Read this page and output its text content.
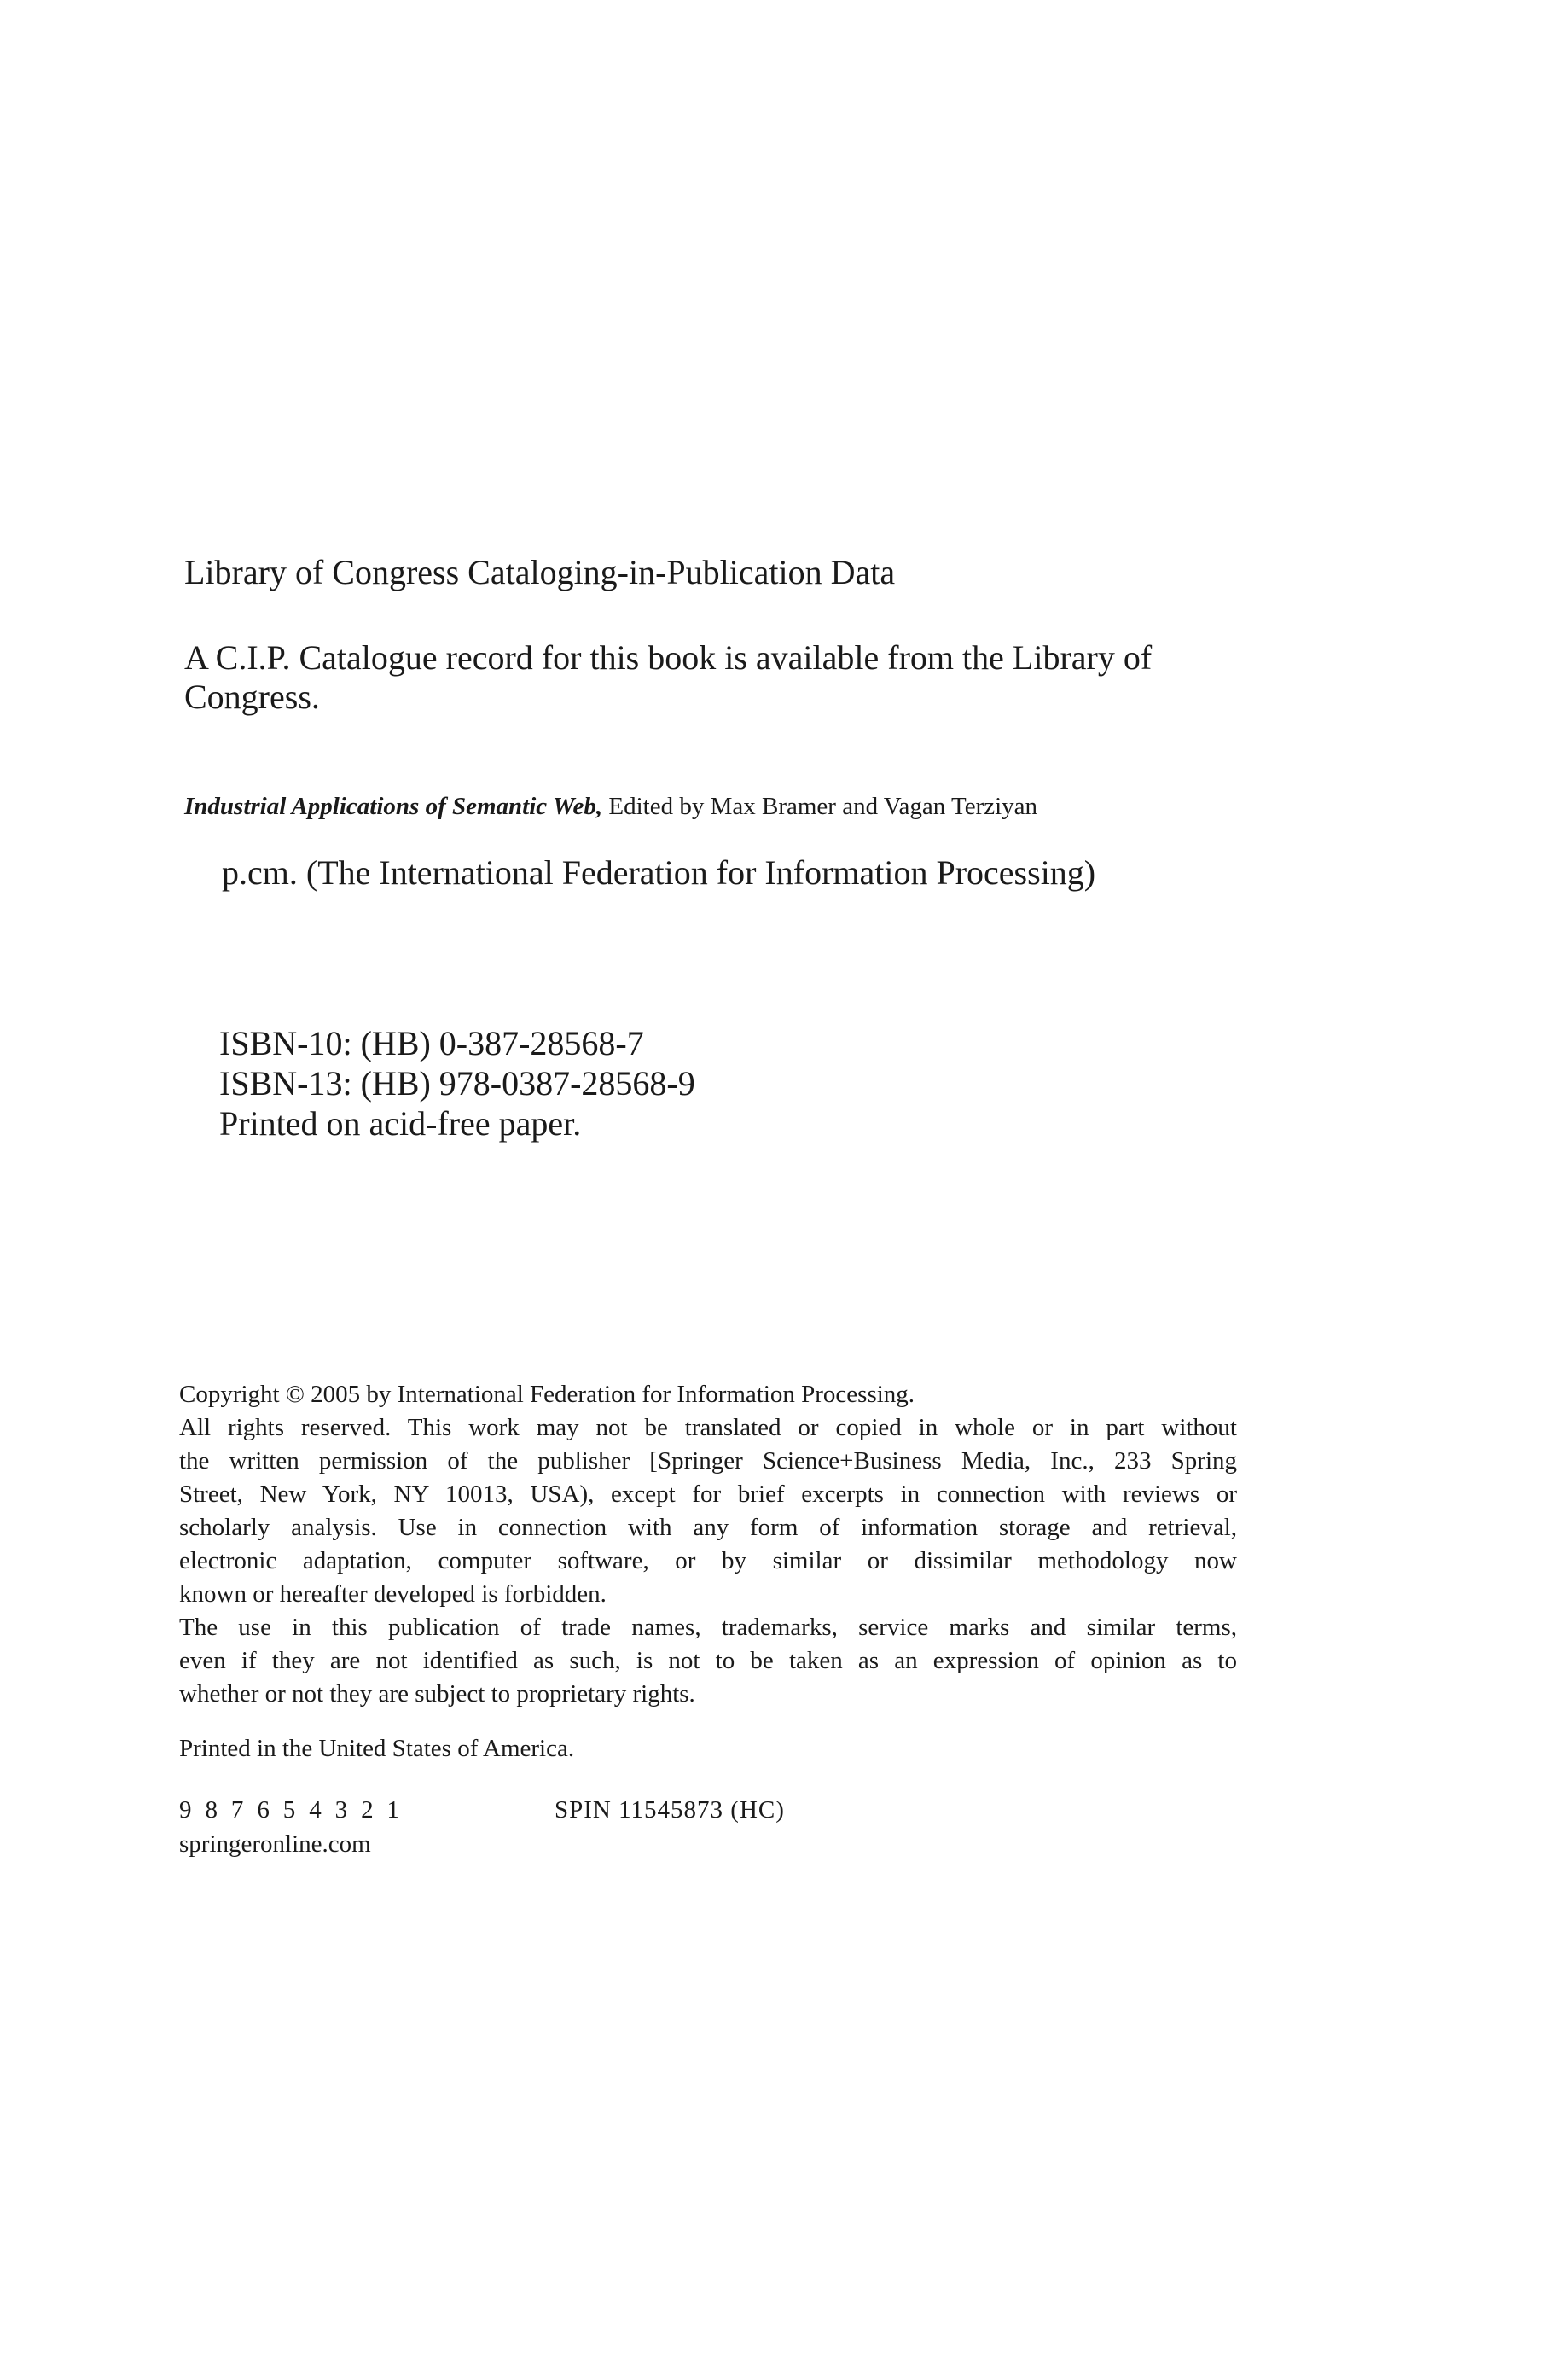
Library of Congress Cataloging-in-Publication Data

A C.I.P. Catalogue record for this book is available from the Library of

Congress.

Industrial Applications of Semantic Web, Edited by Max Bramer and Vagan Terziyan

p.cm. (The International Federation for Information Processing)

ISBN-10: (HB) 0-387-28568-7

ISBN-13: (HB) 978-0387-28568-9

Printed on acid-free paper.

Copyright © 2005 by International Federation for Information Processing.

All rights reserved. This work may not be translated or copied in whole or in part without
the written permission of the publisher [Springer Science+Business Media, Inc., 233 Spring
Street, New York, NY 10013, USA), except for brief excerpts in connection with reviews or
scholarly analysis. Use in connection with any form of information storage and retrieval,
electronic adaptation, computer software, or by similar or dissimilar methodology now
known or hereafter developed is forbidden.
The use in this publication of trade names, trademarks, service marks and similar terms,
even if they are not identified as such, is not to be taken as an expression of opinion as to
whether or not they are subject to proprietary rights.

Printed in the United States of America.

9 8 7 6 5 4 3 2 1	SPIN 11545873 (HC)

springeronline.com
